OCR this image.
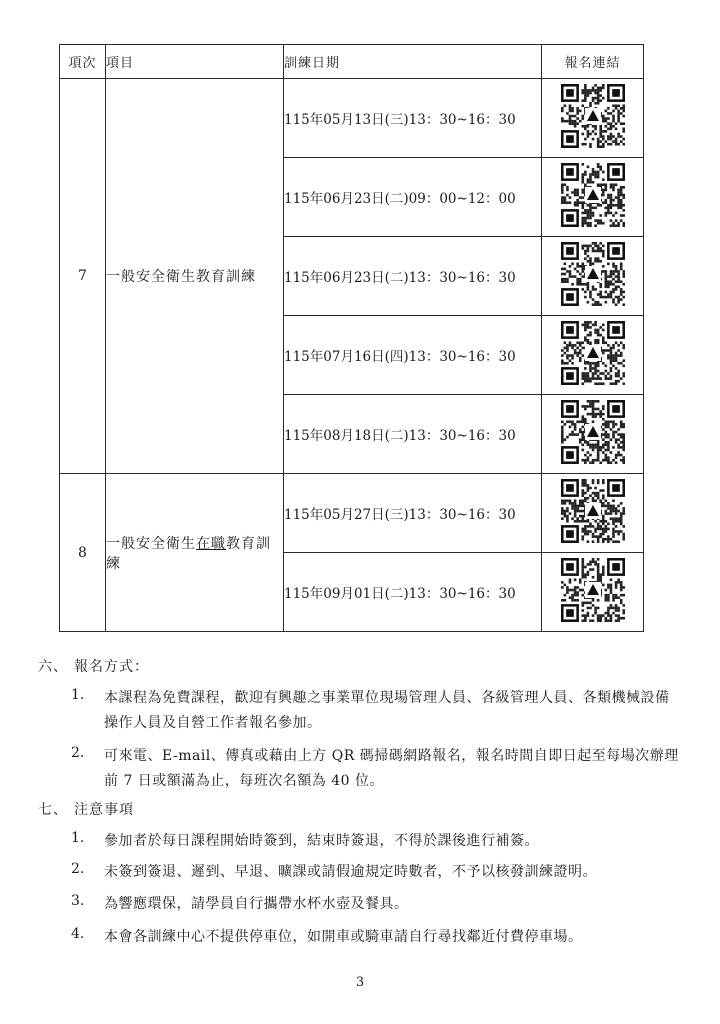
項次	項目	訓練日期	報名連結
7	一般安全衛生教育訓練	115年05月13日(三)13：30~16：30	

		115年06月23日(二)09：00~12：00	

		115年06月23日(二)13：30~16：30	

		115年07月16日(四)13：30~16：30	

		115年08月18日(二)13：30~16：30	

8	一般安全衛生在職教育訓練	115年05月27日(三)13：30~16：30	

		115年09月01日(二)13：30~16：30	
六、 報名方式：
1. 本課程為免費課程，歡迎有興趣之事業單位現場管理人員、各級管理人員、各類機械設備
操作人員及自營工作者報名參加。
2. 可來電、E-mail、傳真或藉由上方 QR 碼掃碼網路報名，報名時間自即日起至每場次辦理
前 7 日或額滿為止，每班次名額為 40 位。
七、 注意事項
1. 參加者於每日課程開始時簽到，結束時簽退，不得於課後進行補簽。
2. 未簽到簽退、遲到、早退、曠課或請假逾規定時數者，不予以核發訓練證明。
3. 為響應環保，請學員自行攜帶水杯水壺及餐具。
4. 本會各訓練中心不提供停車位，如開車或騎車請自行尋找鄰近付費停車場。
3
